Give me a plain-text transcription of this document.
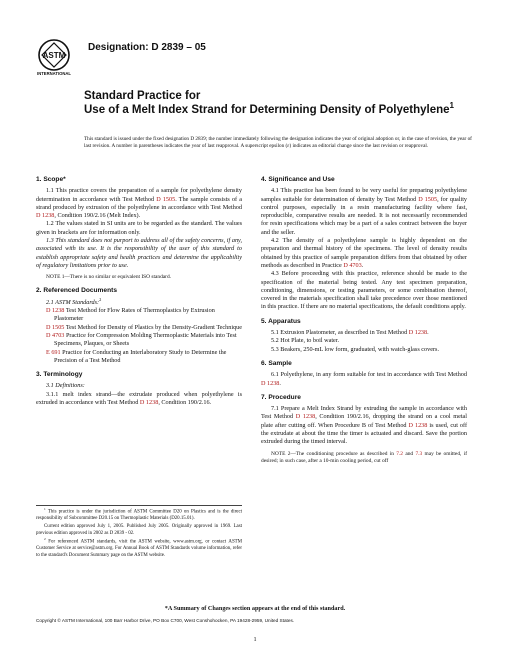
ASTM
INTERNATIONAL
Designation: D 2839 – 05

Standard Practice for

Use of a Melt Index Strand for Determining Density of Polyethylene$^1$

This standard is issued under the fixed designation D 2839; the number immediately following the designation indicates the year of original adoption or, in the case of revision, the year of last revision. A number in parentheses indicates the year of last reapproval. A superscript epsilon (ε) indicates an editorial change since the last revision or reapproval.
1. Scope*

1.1 This practice covers the preparation of a sample for polyethylene density determination in accordance with Test Method D 1505. The sample consists of a strand produced by extrusion of the polyethylene in accordance with Test Method D 1238, Condition 190/2.16 (Melt Index).

1.2 The values stated in SI units are to be regarded as the standard. The values given in brackets are for information only.

1.3 This standard does not purport to address all of the safety concerns, if any, associated with its use. It is the responsibility of the user of this standard to establish appropriate safety and health practices and determine the applicability of regulatory limitations prior to use.

NOTE 1—There is no similar or equivalent ISO standard.

2. Referenced Documents

2.1 ASTM Standards:$^2$

D 1238 Test Method for Flow Rates of Thermoplastics by Extrusion Plastometer

D 1505 Test Method for Density of Plastics by the Density-Gradient Technique

D 4703 Practice for Compression Molding Thermoplastic Materials into Test Specimens, Plaques, or Sheets

E 691 Practice for Conducting an Interlaboratory Study to Determine the Precision of a Test Method

3. Terminology

3.1 Definitions:

3.1.1 melt index strand—the extrudate produced when polyethylene is extruded in accordance with Test Method D 1238, Condition 190/2.16.

4. Significance and Use

4.1 This practice has been found to be very useful for preparing polyethylene samples suitable for determination of density by Test Method D 1505, for quality control purposes, especially in a resin manufacturing facility where fast, reproducible, comparative results are needed. It is not necessarily recommended for resin specifications which may be a part of a sales contract between the buyer and the seller.

4.2 The density of a polyethylene sample is highly dependent on the preparation and thermal history of the specimens. The level of density results obtained by this practice of sample preparation differs from that obtained by other methods as described in Practice D 4703.

4.3 Before proceeding with this practice, reference should be made to the specification of the material being tested. Any test specimen preparation, conditioning, dimensions, or testing parameters, or some combination thereof, covered in the materials specification shall take precedence over those mentioned in this practice. If there are no material specifications, the default conditions apply.

5. Apparatus

5.1 Extrusion Plastometer, as described in Test Method D 1238.

5.2 Hot Plate, to boil water.

5.3 Beakers, 250-mL low form, graduated, with watch-glass covers.

6. Sample

6.1 Polyethylene, in any form suitable for test in accordance with Test Method D 1238.

7. Procedure

7.1 Prepare a Melt Index Strand by extruding the sample in accordance with Test Method D 1238, Condition 190/2.16, dropping the strand on a cool metal plate after cutting off. When Procedure B of Test Method D 1238 is used, cut off the extrudate at about the time the timer is actuated and discard. Save the portion extruded during the timed interval.

NOTE 2—The conditioning procedure as described in 7.2 and 7.3 may be omitted, if desired; in such case, after a 10-min cooling period, cut off

$^1$ This practice is under the jurisdiction of ASTM Committee D20 on Plastics and is the direct responsibility of Subcommittee D20.15 on Thermoplastic Materials (D20.15.01).

Current edition approved July 1, 2005. Published July 2005. Originally approved in 1969. Last previous edition approved in 2002 as D 2839 - 02.

$^2$ For referenced ASTM standards, visit the ASTM website, www.astm.org, or contact ASTM Customer Service at service@astm.org. For Annual Book of ASTM Standards volume information, refer to the standard's Document Summary page on the ASTM website.

*A Summary of Changes section appears at the end of this standard.
Copyright © ASTM International, 100 Barr Harbor Drive, PO Box C700, West Conshohocken, PA 19428-2959, United States.
1
